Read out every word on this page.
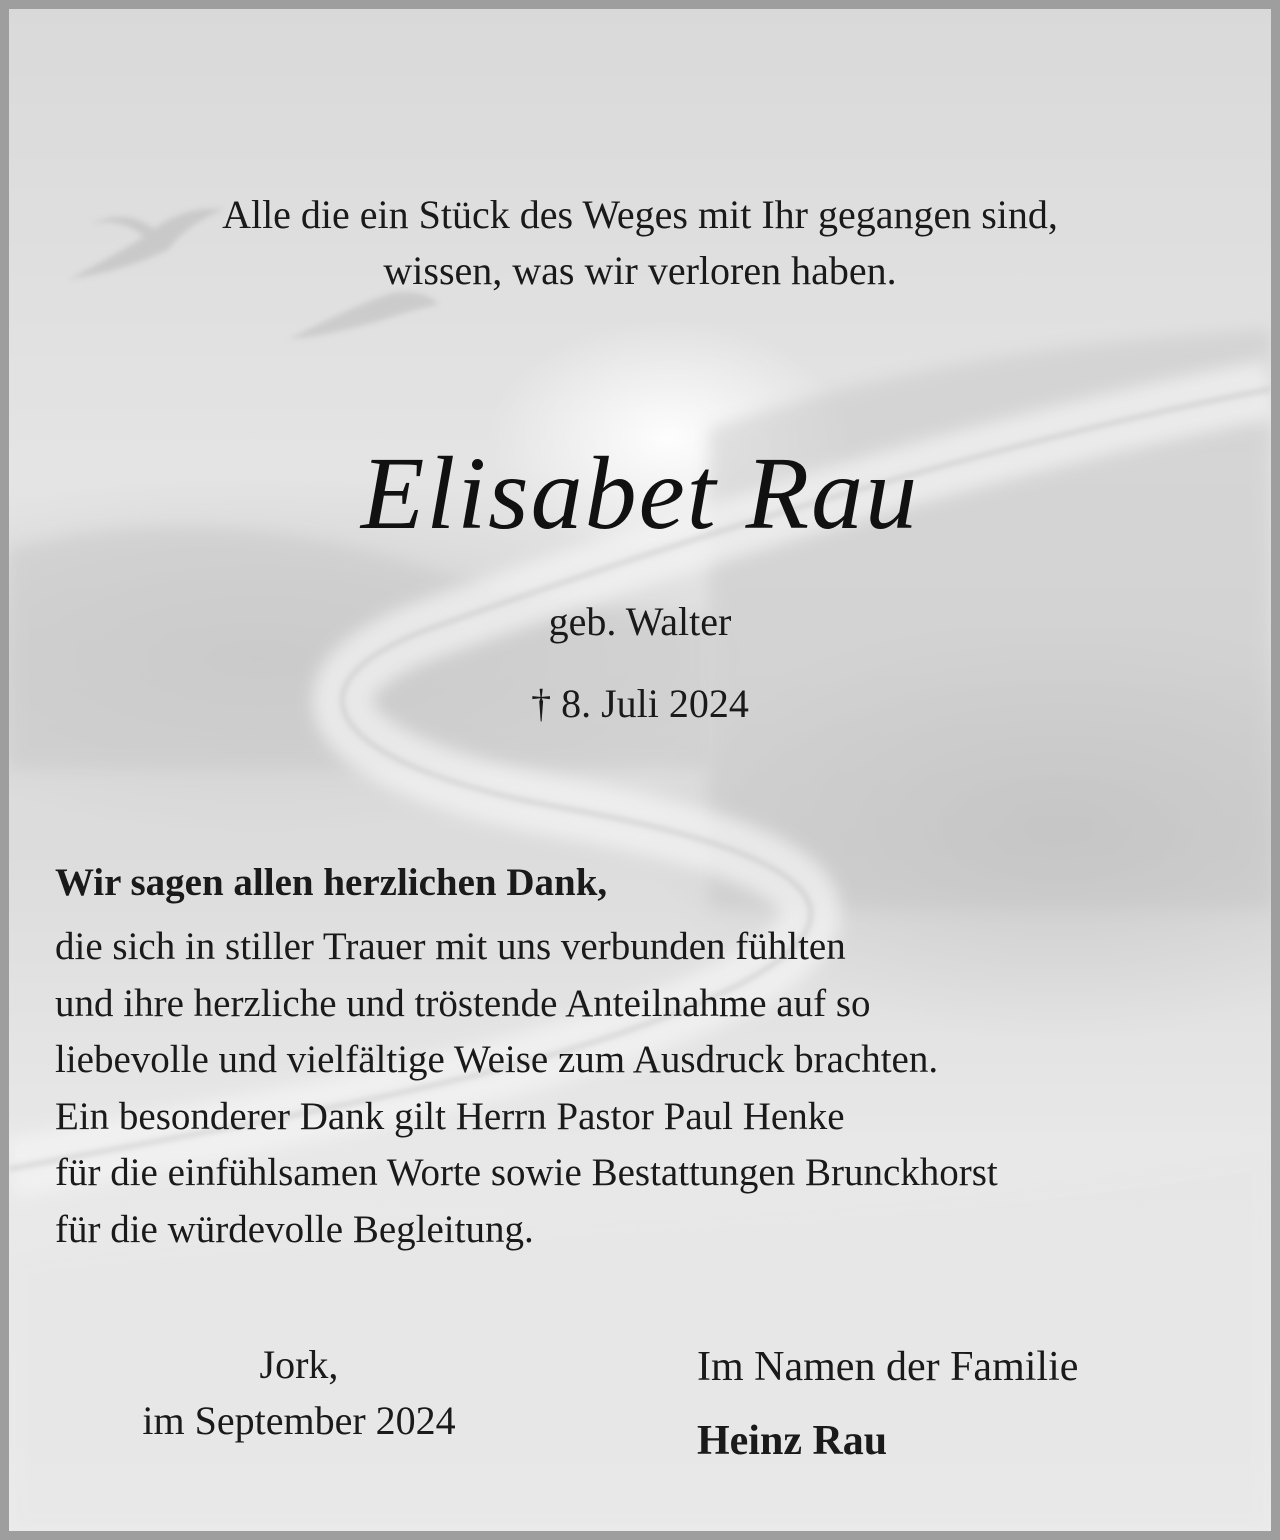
Alle die ein Stück des Weges mit Ihr gegangen sind,
wissen, was wir verloren haben.
Elisabet Rau
geb. Walter
† 8. Juli 2024
Wir sagen allen herzlichen Dank,
die sich in stiller Trauer mit uns verbunden fühlten
und ihre herzliche und tröstende Anteilnahme auf so
liebevolle und vielfältige Weise zum Ausdruck brachten.
Ein besonderer Dank gilt Herrn Pastor Paul Henke
für die einfühlsamen Worte sowie Bestattungen Brunckhorst
für die würdevolle Begleitung.
Jork,
im September 2024
Im Namen der Familie
Heinz Rau
